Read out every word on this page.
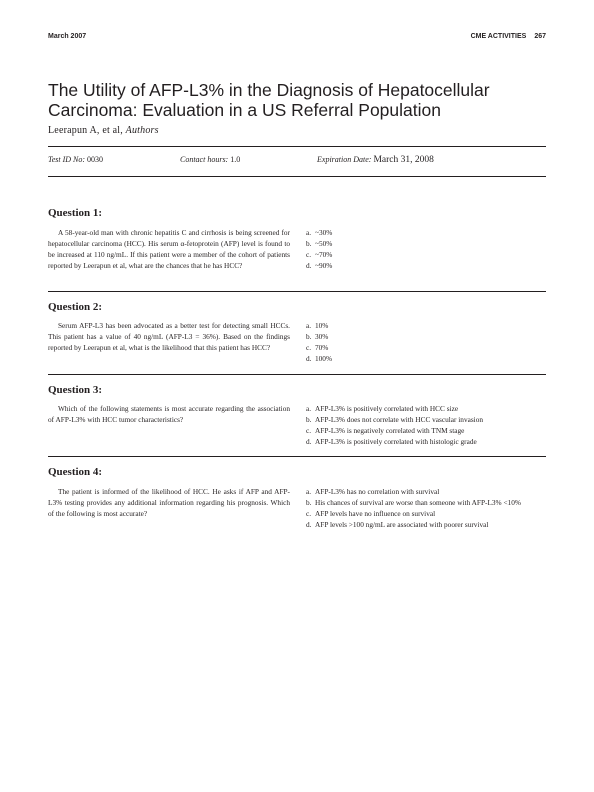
March 2007	CME ACTIVITIES 267
The Utility of AFP-L3% in the Diagnosis of Hepatocellular
Carcinoma: Evaluation in a US Referral Population
Leerapun A, et al, Authors
Test ID No: 0030	Contact hours: 1.0	Expiration Date: March 31, 2008
Question 1:

A 58-year-old man with chronic hepatitis C and cirrhosis is being screened for hepatocellular carcinoma (HCC). His serum α-fetoprotein (AFP) level is found to be increased at 110 ng/mL. If this patient were a member of the cohort of patients reported by Leerapun et al, what are the chances that he has HCC?

a. ~30%
b. ~50%
c. ~70%
d. ~90%
Question 2:

Serum AFP-L3 has been advocated as a better test for detecting small HCCs. This patient has a value of 40 ng/mL (AFP-L3 = 36%). Based on the findings reported by Leerapun et al, what is the likelihood that this patient has HCC?

a. 10%
b. 30%
c. 70%
d. 100%
Question 3:

Which of the following statements is most accurate regarding the association of AFP-L3% with HCC tumor characteristics?

a. AFP-L3% is positively correlated with HCC size
b. AFP-L3% does not correlate with HCC vascular invasion
c. AFP-L3% is negatively correlated with TNM stage
d. AFP-L3% is positively correlated with histologic grade
Question 4:

The patient is informed of the likelihood of HCC. He asks if AFP and AFP-L3% testing provides any additional information regarding his prognosis. Which of the following is most accurate?

a. AFP-L3% has no correlation with survival
b. His chances of survival are worse than someone with AFP-L3% <10%
c. AFP levels have no influence on survival
d. AFP levels >100 ng/mL are associated with poorer survival
